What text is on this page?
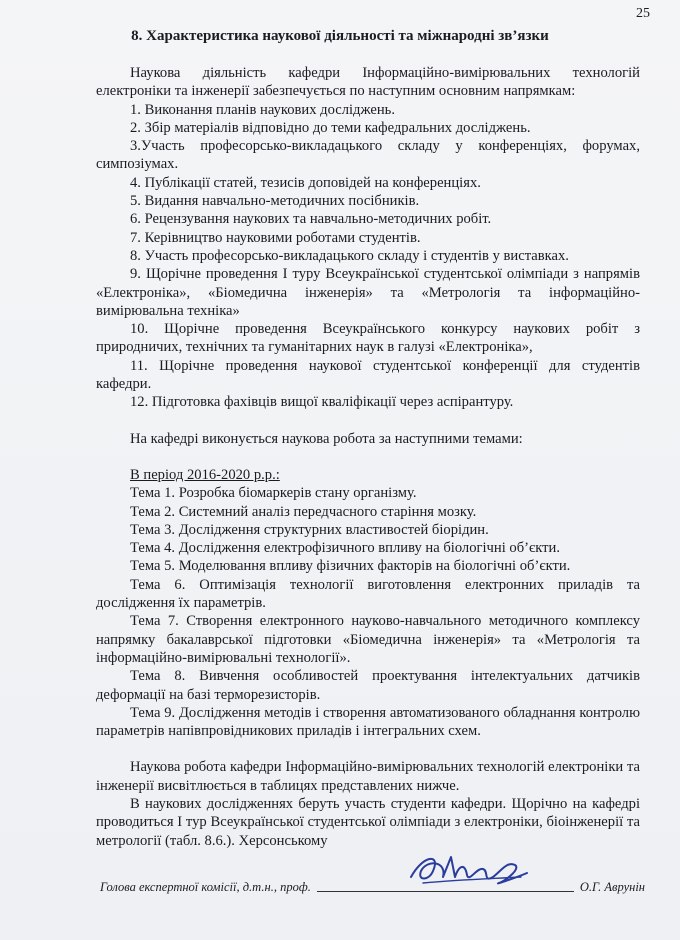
25
8. Характеристика наукової діяльності та міжнародні зв’язки

Наукова діяльність кафедри Інформаційно-вимірювальних технологій електроніки та інженерії забезпечується по наступним основним напрямкам:

1. Виконання планів наукових досліджень.

2. Збір матеріалів відповідно до теми кафедральних досліджень.

3.Участь професорсько-викладацького складу у конференціях, форумах, симпозіумах.

4. Публікації статей, тезисів доповідей на конференціях.

5. Видання навчально-методичних посібників.

6. Рецензування наукових та навчально-методичних робіт.

7. Керівництво науковими роботами студентів.

8. Участь професорсько-викладацького складу і студентів у виставках.

9. Щорічне проведення І туру Всеукраїнської студентської олімпіади з напрямів «Електроніка», «Біомедична інженерія» та «Метрологія та інформаційно- вимірювальна техніка»

10. Щорічне проведення Всеукраїнського конкурсу наукових робіт з природничих, технічних та гуманітарних наук в галузі «Електроніка»,

11. Щорічне проведення наукової студентської конференції для студентів кафедри.

12. Підготовка фахівців вищої кваліфікації через аспірантуру.

На кафедрі виконується наукова робота за наступними темами:

В період 2016-2020 р.р.:

Тема 1. Розробка біомаркерів стану організму.

Тема 2. Системний аналіз передчасного старіння мозку.

Тема 3. Дослідження структурних властивостей біорідин.

Тема 4. Дослідження електрофізичного впливу на біологічні об’єкти.

Тема 5. Моделювання впливу фізичних факторів на біологічні об’єкти.

Тема 6. Оптимізація технології виготовлення електронних приладів та дослідження їх параметрів.

Тема 7. Створення електронного науково-навчального методичного комплексу напрямку бакалаврської підготовки «Біомедична інженерія» та «Метрологія та інформаційно-вимірювальні технології».

Тема 8. Вивчення особливостей проектування інтелектуальних датчиків деформації на базі терморезисторів.

Тема 9. Дослідження методів і створення автоматизованого обладнання контролю параметрів напівпровідникових приладів і інтегральних схем.

Наукова робота кафедри Інформаційно-вимірювальних технологій електроніки та інженерії висвітлюється в таблицях представлених нижче.

В наукових дослідженнях беруть участь студенти кафедри. Щорічно на кафедрі проводиться І тур Всеукраїнської студентської олімпіади з електроніки, біоінженерії та метрології (табл. 8.6.). Херсонському

Голова експертної комісії, д.т.н., проф.	О.Г. Аврунін
